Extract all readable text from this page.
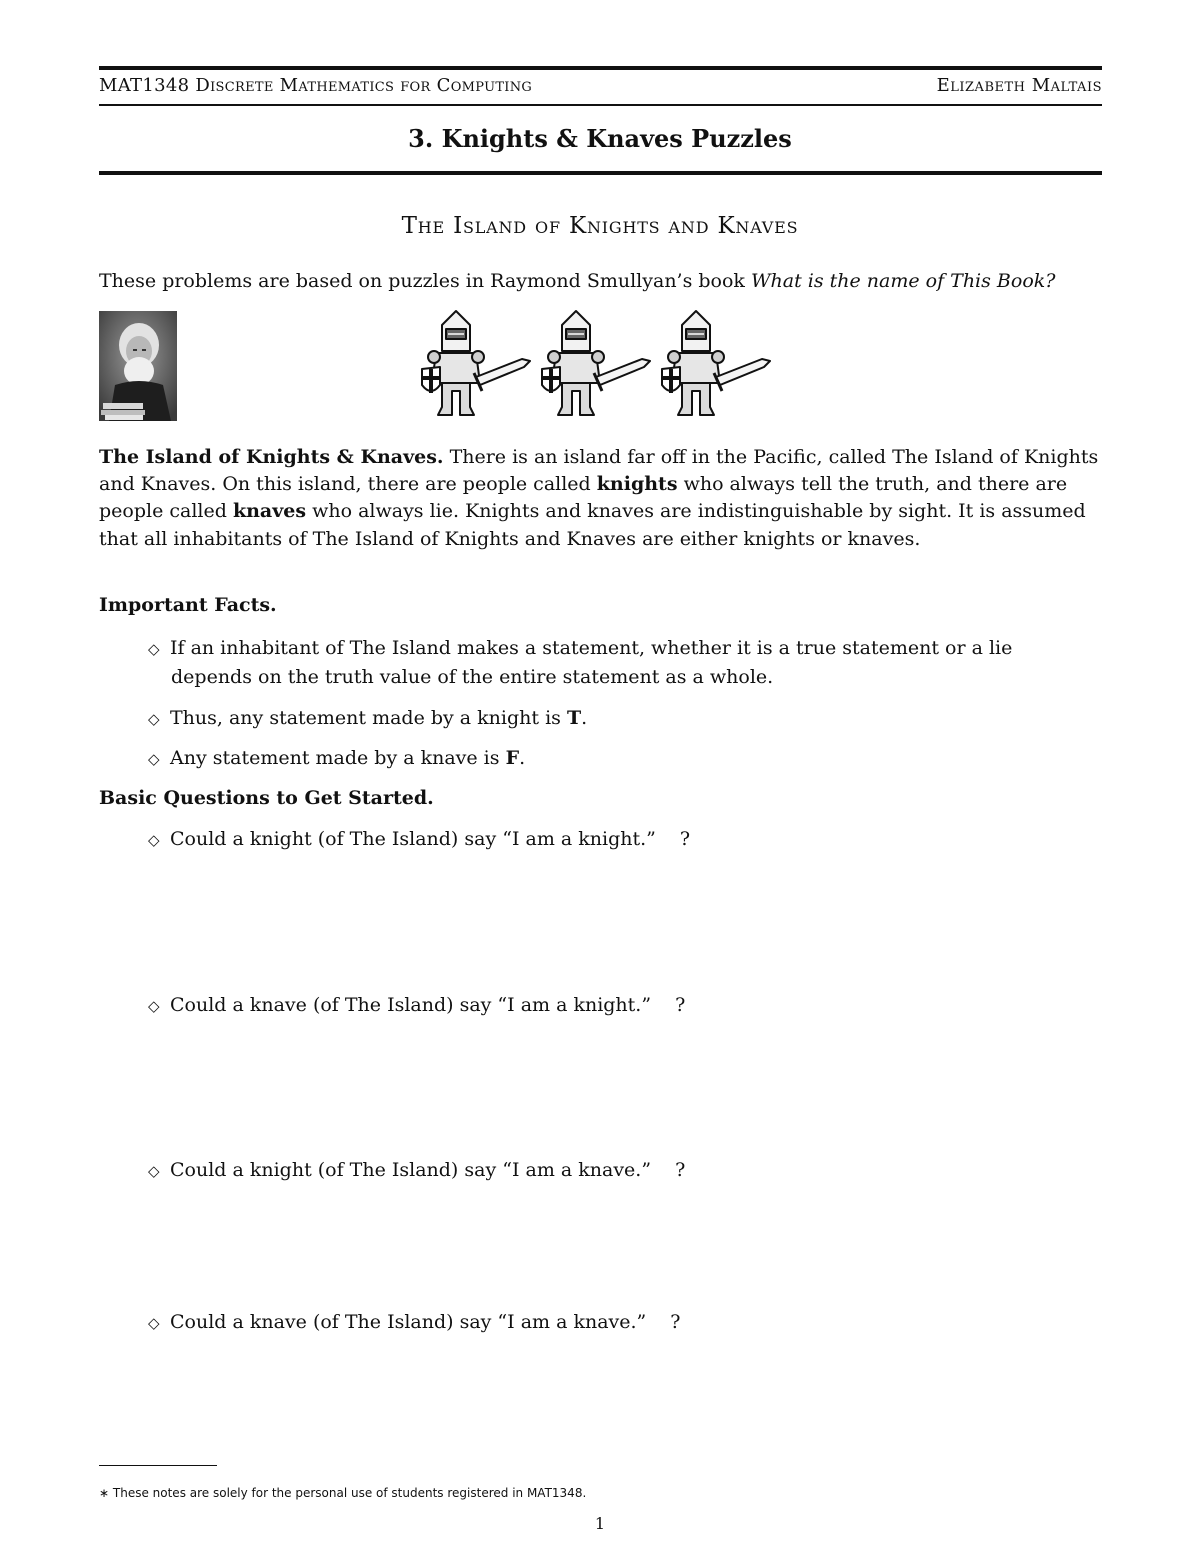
MAT1348 Discrete Mathematics for Computing	Elizabeth Maltais
3. Knights & Knaves Puzzles
The Island of Knights and Knaves
These problems are based on puzzles in Raymond Smullyan’s book What is the name of This Book?
The Island of Knights & Knaves. There is an island far off in the Pacific, called The Island of Knights and Knaves. On this island, there are people called knights who always tell the truth, and there are people called knaves who always lie. Knights and knaves are indistinguishable by sight. It is assumed that all inhabitants of The Island of Knights and Knaves are either knights or knaves.
Important Facts.
◇ If an inhabitant of The Island makes a statement, whether it is a true statement or a lie
depends on the truth value of the entire statement as a whole.
◇ Thus, any statement made by a knight is T.
◇ Any statement made by a knave is F.
Basic Questions to Get Started.
◇ Could a knight (of The Island) say “I am a knight.” ?
◇ Could a knave (of The Island) say “I am a knight.” ?
◇ Could a knight (of The Island) say “I am a knave.” ?
◇ Could a knave (of The Island) say “I am a knave.” ?
∗ These notes are solely for the personal use of students registered in MAT1348.
1
